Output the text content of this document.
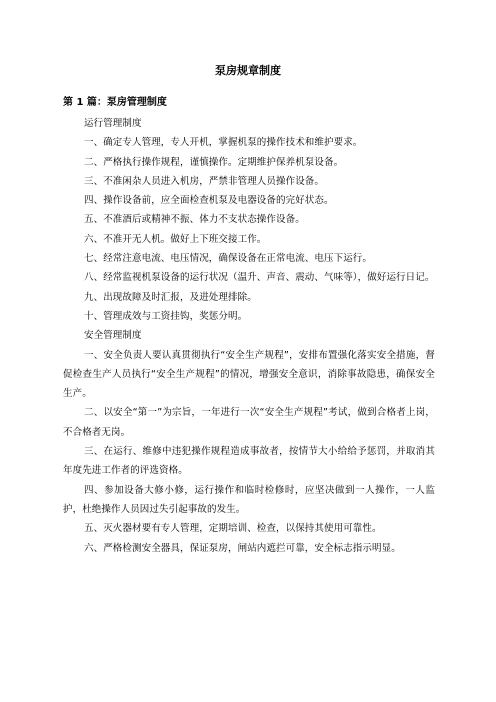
泵房规章制度
第 1 篇：泵房管理制度

运行管理制度

一、确定专人管理，专人开机，掌握机泵的操作技术和维护要求。

二、严格执行操作规程，谨慎操作。定期维护保养机泵设备。

三、不准闲杂人员进入机房，严禁非管理人员操作设备。

四、操作设备前，应全面检查机泵及电器设备的完好状态。

五、不准酒后或精神不振、体力不支状态操作设备。

六、不准开无人机。做好上下班交接工作。

七、经常注意电流、电压情况，确保设备在正常电流、电压下运行。

八、经常监视机泵设备的运行状况（温升、声音、震动、气味等），做好运行日记。

九、出现故障及时汇报，及进处理排除。

十、管理成效与工资挂钩，奖惩分明。

安全管理制度

一、安全负责人要认真贯彻执行“安全生产规程”，安排布置强化落实安全措施，督促检查生产人员执行“安全生产规程”的情况，增强安全意识，消除事故隐患，确保安全生产。

二、以安全“第一”为宗旨，一年进行一次“安全生产规程”考试，做到合格者上岗，不合格者无岗。

三、在运行、维修中违犯操作规程造成事故者，按情节大小给给予惩罚，并取消其年度先进工作者的评选资格。

四、参加设备大修小修，运行操作和临时检修时，应坚决做到一人操作，一人监护，杜绝操作人员因过失引起事故的发生。

五、灭火器材要有专人管理，定期培训、检查，以保持其使用可靠性。

六、严格检测安全器具，保证泵房，闸站内遮拦可靠，安全标志指示明显。
